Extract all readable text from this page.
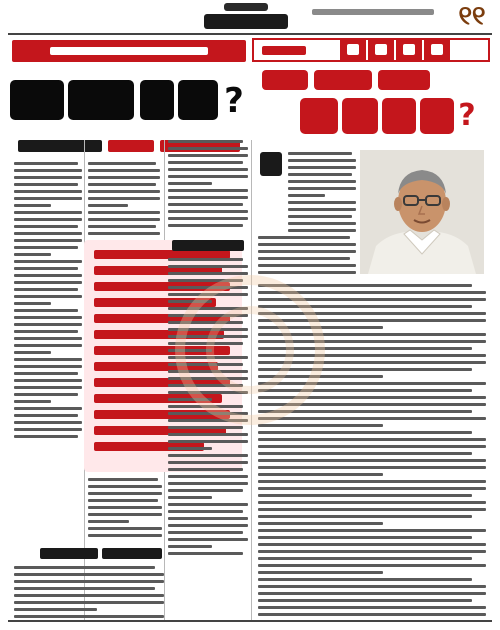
୧୧
?	?
